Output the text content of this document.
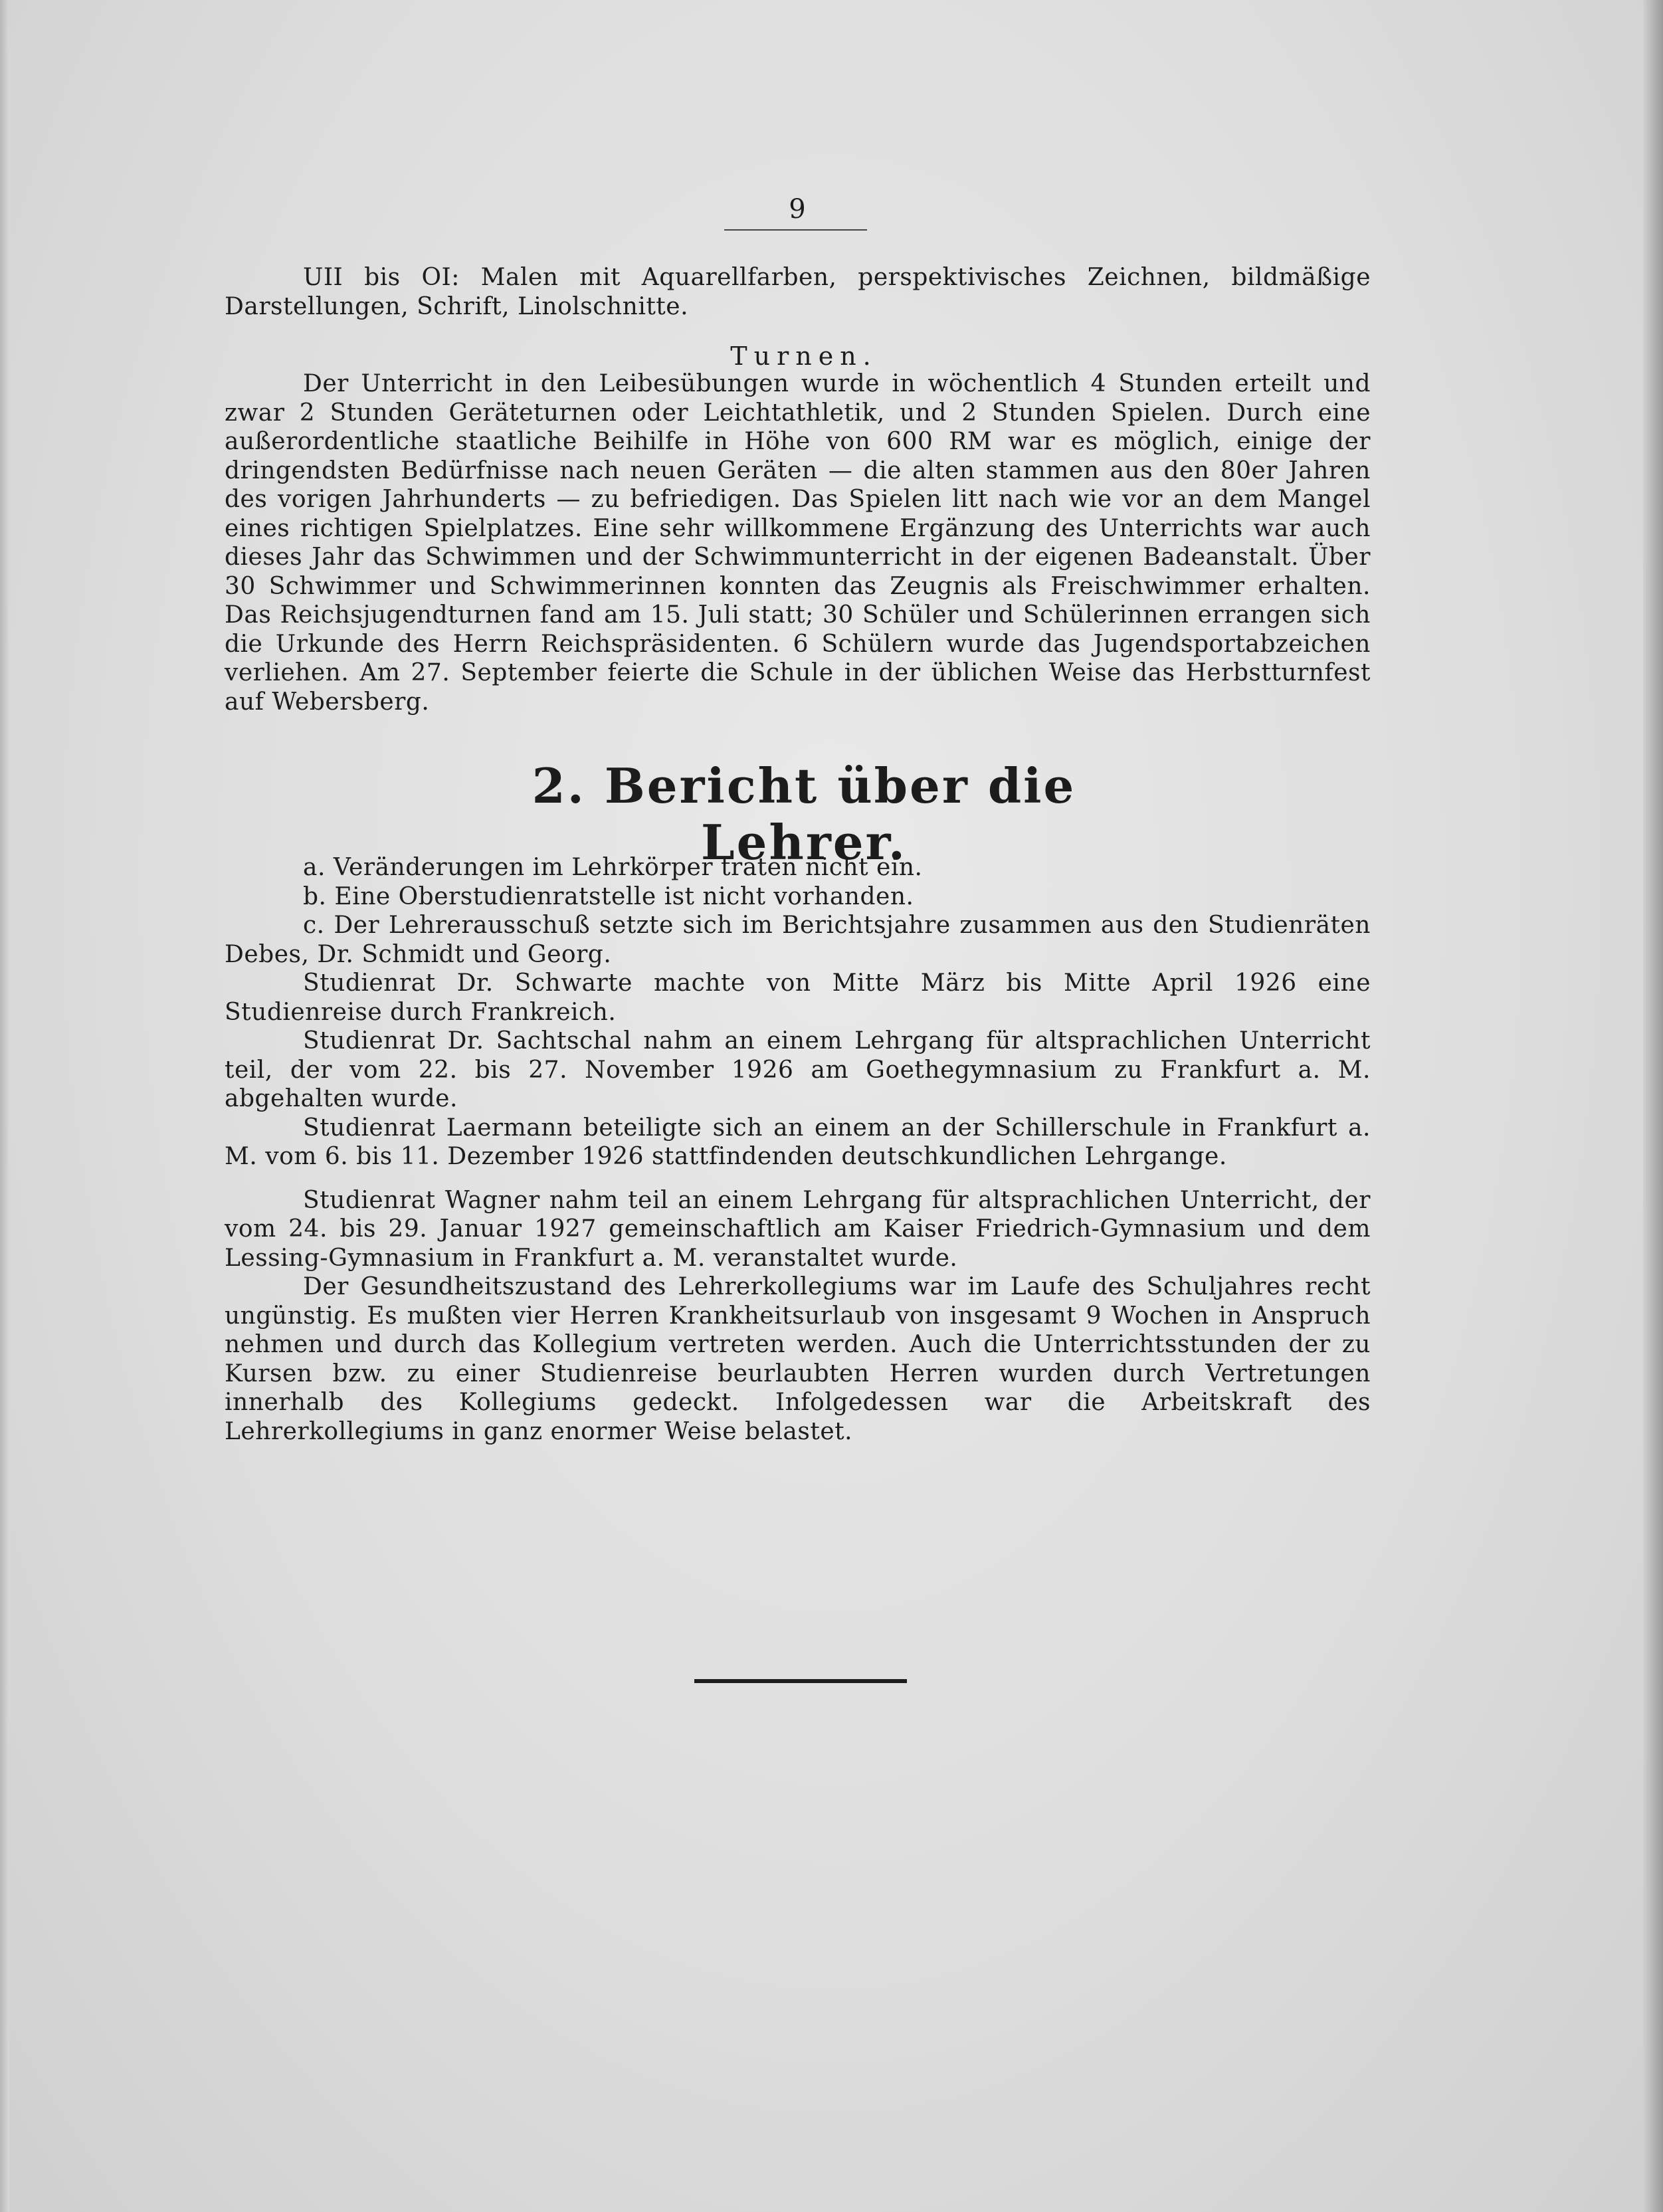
9

UII bis OI: Malen mit Aquarellfarben, perspektivisches Zeichnen, bildmäßige Darstellungen, Schrift, Linolschnitte.

Turnen.

Der Unterricht in den Leibesübungen wurde in wöchentlich 4 Stunden erteilt und zwar 2 Stunden Geräteturnen oder Leichtathletik, und 2 Stunden Spielen. Durch eine außerordentliche staatliche Beihilfe in Höhe von 600 RM war es möglich, einige der dringendsten Bedürfnisse nach neuen Geräten — die alten stammen aus den 80er Jahren des vorigen Jahrhunderts — zu befriedigen. Das Spielen litt nach wie vor an dem Mangel eines richtigen Spielplatzes. Eine sehr willkommene Ergänzung des Unterrichts war auch dieses Jahr das Schwimmen und der Schwimmunterricht in der eigenen Badeanstalt. Über 30 Schwimmer und Schwimmerinnen konnten das Zeugnis als Freischwimmer erhalten. Das Reichsjugendturnen fand am 15. Juli statt; 30 Schüler und Schülerinnen errangen sich die Urkunde des Herrn Reichspräsidenten. 6 Schülern wurde das Jugendsportabzeichen verliehen. Am 27. September feierte die Schule in der üblichen Weise das Herbstturnfest auf Webersberg.

2. Bericht über die Lehrer.

a. Veränderungen im Lehrkörper traten nicht ein.

b. Eine Oberstudienratstelle ist nicht vorhanden.

c. Der Lehrerausschuß setzte sich im Berichtsjahre zusammen aus den Studienräten Debes, Dr. Schmidt und Georg.

Studienrat Dr. Schwarte machte von Mitte März bis Mitte April 1926 eine Studienreise durch Frankreich.

Studienrat Dr. Sachtschal nahm an einem Lehrgang für altsprachlichen Unterricht teil, der vom 22. bis 27. November 1926 am Goethegymnasium zu Frankfurt a. M. abgehalten wurde.

Studienrat Laermann beteiligte sich an einem an der Schillerschule in Frankfurt a. M. vom 6. bis 11. Dezember 1926 stattfindenden deutschkundlichen Lehrgange.

Studienrat Wagner nahm teil an einem Lehrgang für altsprachlichen Unterricht, der vom 24. bis 29. Januar 1927 gemeinschaftlich am Kaiser Friedrich-Gymnasium und dem Lessing-Gymnasium in Frankfurt a. M. veranstaltet wurde.

Der Gesundheitszustand des Lehrerkollegiums war im Laufe des Schuljahres recht ungünstig. Es mußten vier Herren Krankheitsurlaub von insgesamt 9 Wochen in Anspruch nehmen und durch das Kollegium vertreten werden. Auch die Unterrichtsstunden der zu Kursen bzw. zu einer Studienreise beurlaubten Herren wurden durch Vertretungen innerhalb des Kollegiums gedeckt. Infolgedessen war die Arbeitskraft des Lehrerkollegiums in ganz enormer Weise belastet.
